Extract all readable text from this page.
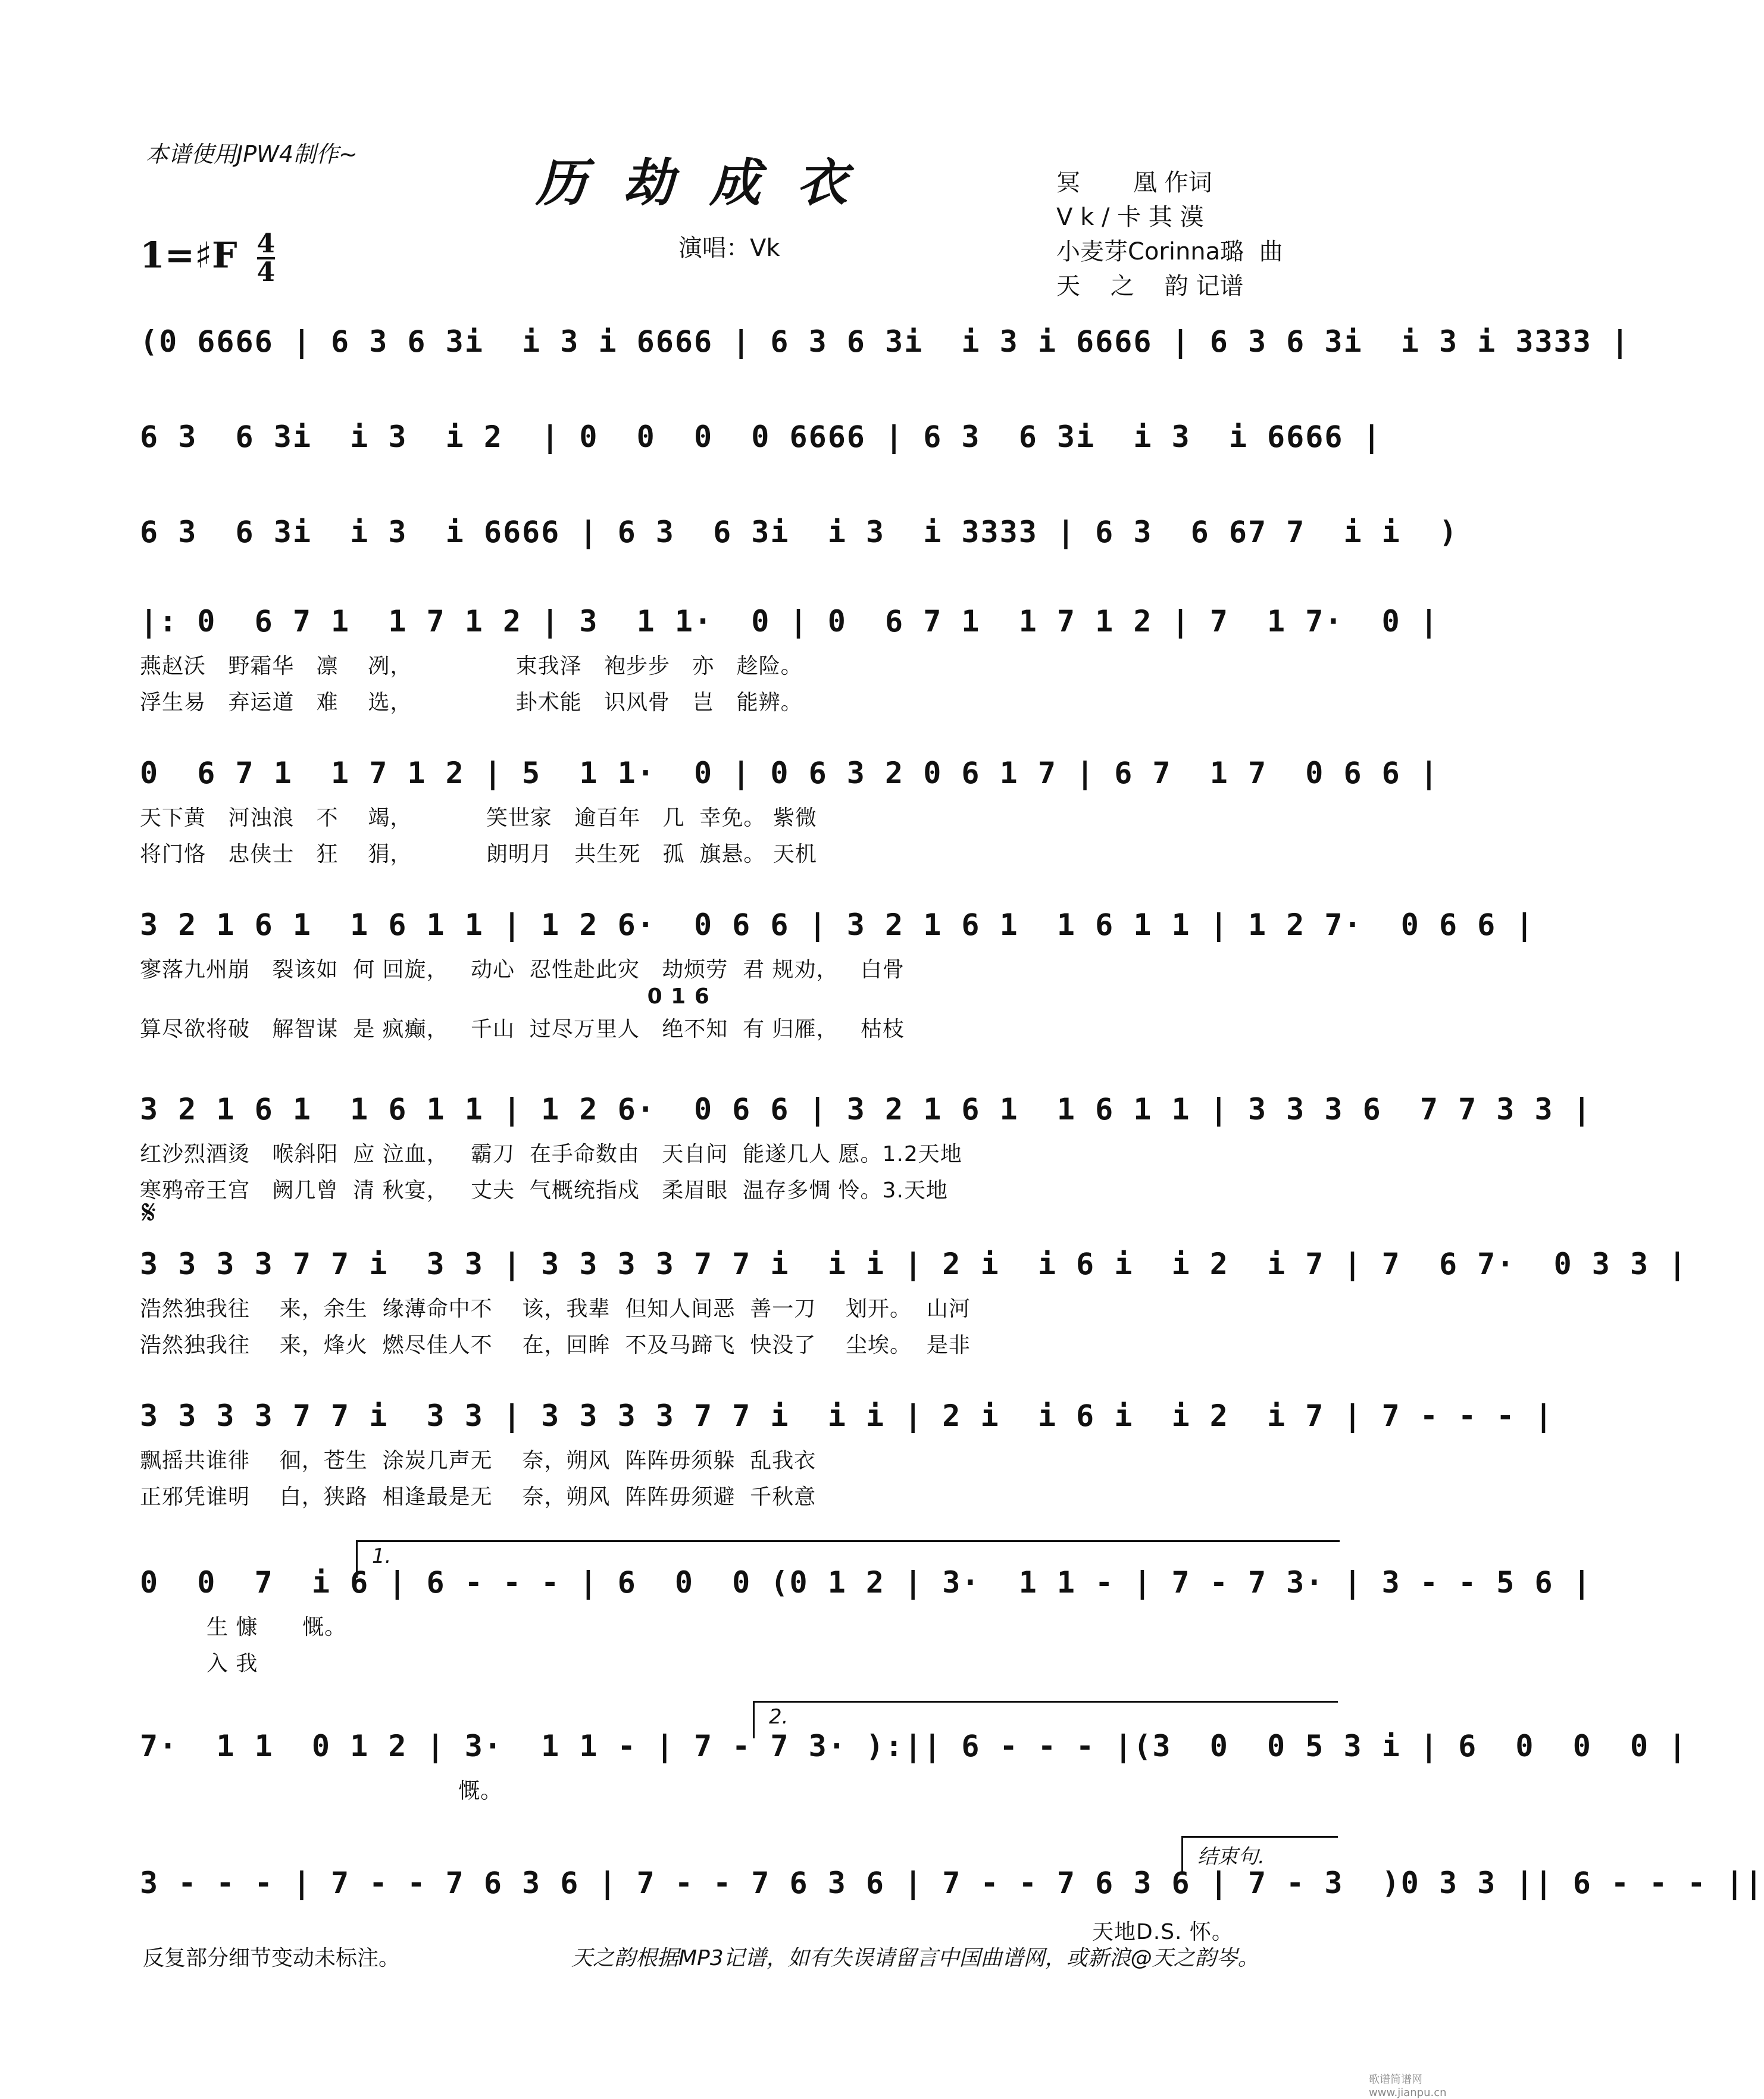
本谱使用JPW4制作~	历劫成衣
1=♯F $\frac{4}{4}$	演唱：Vk
冥       凰 作词
V k / 卡 其 漠
小麦芽Corinna璐  曲
天    之    韵 记谱
(0 6666 | 6 3 6 3i  i 3 i 6666 | 6 3 6 3i  i 3 i 6666 | 6 3 6 3i  i 3 i 3333 |
6 3  6 3i  i 3  i 2  | 0  0  0  0 6666 | 6 3  6 3i  i 3  i 6666 |
6 3  6 3i  i 3  i 6666 | 6 3  6 3i  i 3  i 3333 | 6 3  6 67 7  i i  )
|: 0  6 7 1  1 7 1 2 | 3  1 1·  0 | 0  6 7 1  1 7 1 2 | 7  1 7·  0 |
燕赵沃   野霜华   凛    冽，              束我泽   袍步步   亦   趁险。
浮生易   弃运道   难    选，              卦术能   识风骨   岂   能辨。
0  6 7 1  1 7 1 2 | 5  1 1·  0 | 0 6 3 2 0 6 1 7 | 6 7  1 7  0 6 6 |
天下黄   河浊浪   不    竭，          笑世家   逾百年   几  幸免。 紫微
将门恪   忠侠士   狂    狷，          朗明月   共生死   孤  旗悬。 天机
3 2 1 6 1  1 6 1 1 | 1 2 6·  0 6 6 | 3 2 1 6 1  1 6 1 1 | 1 2 7·  0 6 6 |
寥落九州崩   裂该如  何 回旋，   动心  忍性赴此灾   劫烦劳  君 规劝，   白骨
0 1 6
算尽欲将破   解智谋  是 疯癫，   千山  过尽万里人   绝不知  有 归雁，   枯枝
3 2 1 6 1  1 6 1 1 | 1 2 6·  0 6 6 | 3 2 1 6 1  1 6 1 1 | 3 3 3 6  7 7 3 3 |
红沙烈酒烫   喉斜阳  应 泣血，   霸刀  在手命数由   天自问  能遂几人 愿。1.2天地
寒鸦帝王宫   阙几曾  清 秋宴，   丈夫  气概统指戍   柔眉眼  温存多惆 怜。3.天地
𝄋
3 3 3 3 7 7 i  3 3 | 3 3 3 3 7 7 i  i i | 2 i  i 6 i  i 2  i 7 | 7  6 7·  0 3 3 |
浩然独我往    来，余生  缘薄命中不    该，我辈  但知人间恶  善一刀    划开。  山河
浩然独我往    来，烽火  燃尽佳人不    在，回眸  不及马蹄飞  快没了    尘埃。  是非
3 3 3 3 7 7 i  3 3 | 3 3 3 3 7 7 i  i i | 2 i  i 6 i  i 2  i 7 | 7 - - - |
飘摇共谁徘    徊，苍生  涂炭几声无    奈，朔风  阵阵毋须躲  乱我衣
正邪凭谁明    白，狭路  相逢最是无    奈，朔风  阵阵毋须避  千秋意
1.
0  0  7  i 6 | 6 - - - | 6  0  0 (0 1 2 | 3·  1 1 - | 7 - 7 3· | 3 - - 5 6 |
生 慷      慨。
入 我
2.
7·  1 1  0 1 2 | 3·  1 1 - | 7 - 7 3· ):|| 6 - - - |(3  0  0 5 3 i | 6  0  0  0 |
慨。
结束句.
3 - - - | 7 - - 7 6 3 6 | 7 - - 7 6 3 6 | 7 - - 7 6 3 6 | 7 - 3  )0 3 3 || 6 - - - ||
天地D.S. 怀。
反复部分细节变动未标注。	天之韵根据MP3记谱，如有失误请留言中国曲谱网，或新浪@天之韵岑。
歌谱简谱网 www.jianpu.cn
